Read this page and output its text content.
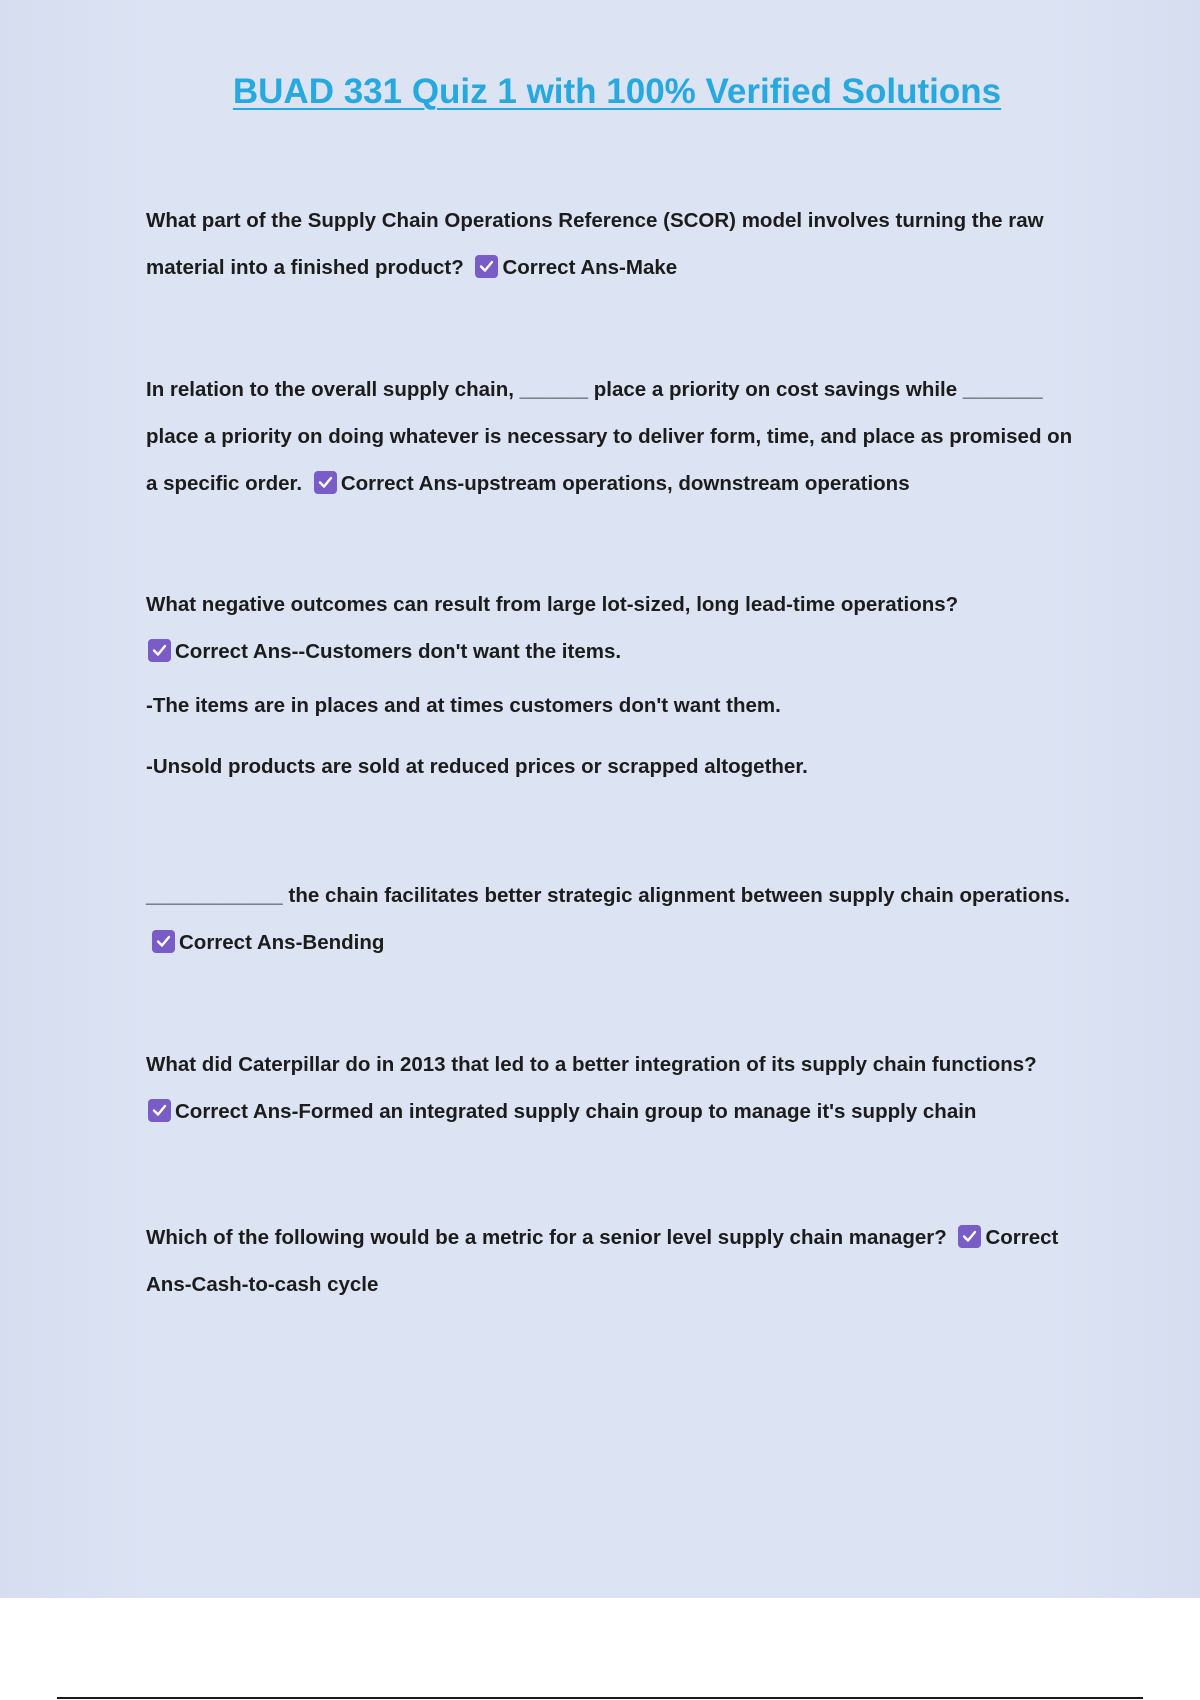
BUAD 331 Quiz 1 with 100% Verified Solutions

What part of the Supply Chain Operations Reference (SCOR) model involves turning the raw material into a finished product? Correct Ans-Make

In relation to the overall supply chain, ______ place a priority on cost savings while _______ place a priority on doing whatever is necessary to deliver form, time, and place as promised on a specific order. Correct Ans-upstream operations, downstream operations

What negative outcomes can result from large lot-sized, long lead-time operations?

Correct Ans--Customers don't want the items.

-The items are in places and at times customers don't want them.

-Unsold products are sold at reduced prices or scrapped altogether.

____________ the chain facilitates better strategic alignment between supply chain operations.
Correct Ans-Bending

What did Caterpillar do in 2013 that led to a better integration of its supply chain functions?

Correct Ans-Formed an integrated supply chain group to manage it's supply chain

Which of the following would be a metric for a senior level supply chain manager? Correct Ans-Cash-to-cash cycle
